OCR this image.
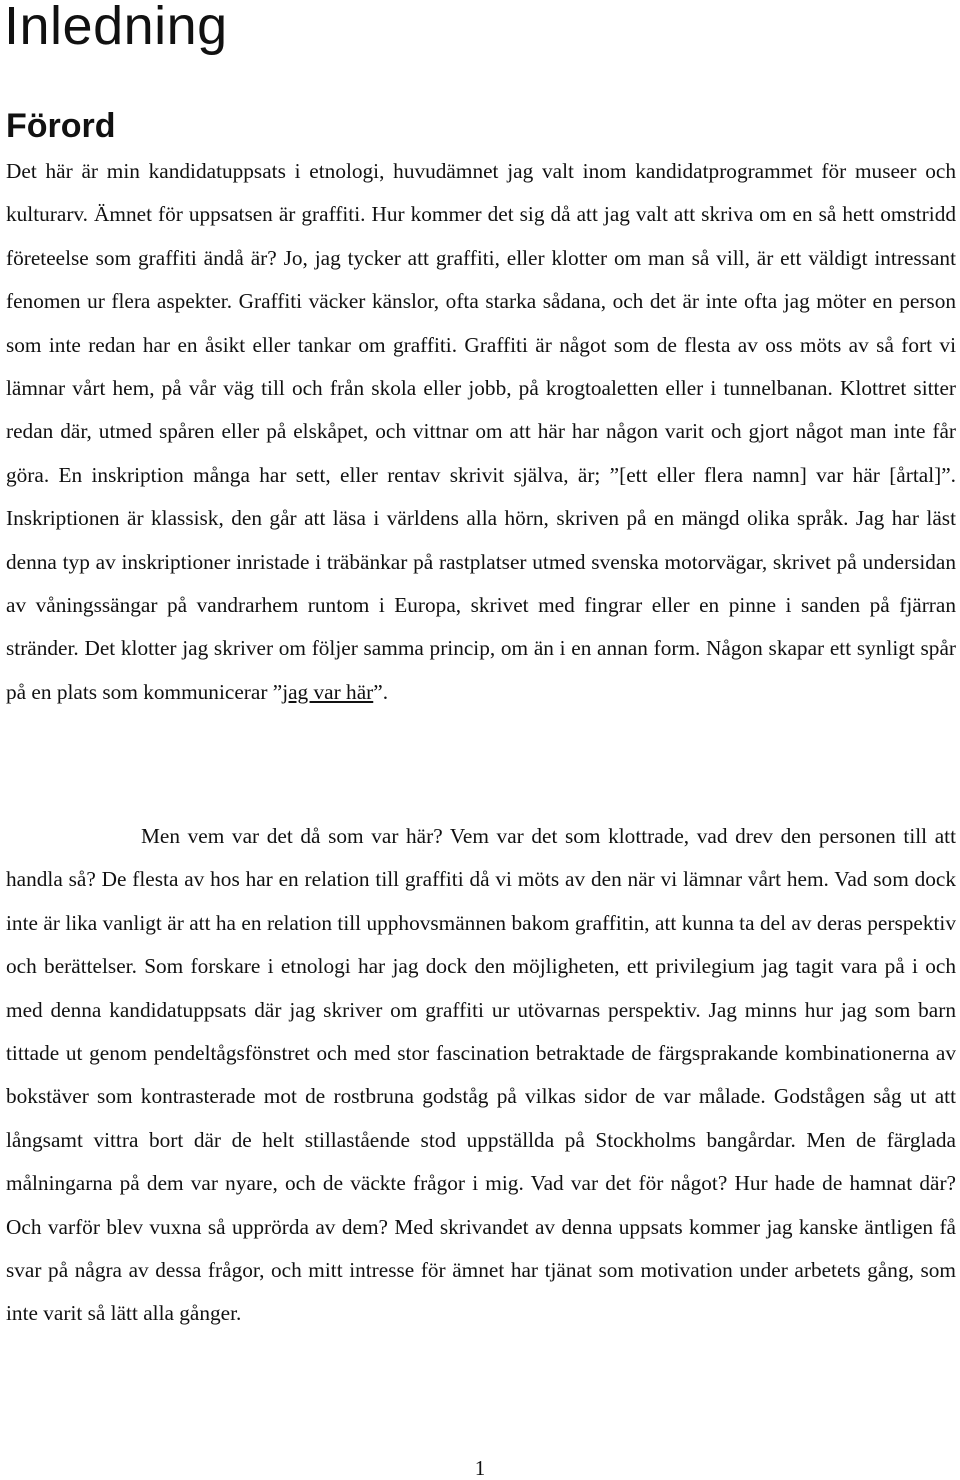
Inledning
Förord

Det här är min kandidatuppsats i etnologi, huvudämnet jag valt inom kandidatprogrammet för museer och kulturarv. Ämnet för uppsatsen är graffiti. Hur kommer det sig då att jag valt att skriva om en så hett omstridd företeelse som graffiti ändå är? Jo, jag tycker att graffiti, eller klotter om man så vill, är ett väldigt intressant fenomen ur flera aspekter. Graffiti väcker känslor, ofta starka sådana, och det är inte ofta jag möter en person som inte redan har en åsikt eller tankar om graffiti. Graffiti är något som de flesta av oss möts av så fort vi lämnar vårt hem, på vår väg till och från skola eller jobb, på krogtoaletten eller i tunnelbanan. Klottret sitter redan där, utmed spåren eller på elskåpet, och vittnar om att här har någon varit och gjort något man inte får göra. En inskription många har sett, eller rentav skrivit själva, är; ”[ett eller flera namn] var här [årtal]”. Inskriptionen är klassisk, den går att läsa i världens alla hörn, skriven på en mängd olika språk. Jag har läst denna typ av inskriptioner inristade i träbänkar på rastplatser utmed svenska motorvägar, skrivet på undersidan av våningssängar på vandrarhem runtom i Europa, skrivet med fingrar eller en pinne i sanden på fjärran stränder. Det klotter jag skriver om följer samma princip, om än i en annan form. Någon skapar ett synligt spår på en plats som kommunicerar ”jag var här”.

Men vem var det då som var här? Vem var det som klottrade, vad drev den personen till att handla så? De flesta av hos har en relation till graffiti då vi möts av den när vi lämnar vårt hem. Vad som dock inte är lika vanligt är att ha en relation till upphovsmännen bakom graffitin, att kunna ta del av deras perspektiv och berättelser. Som forskare i etnologi har jag dock den möjligheten, ett privilegium jag tagit vara på i och med denna kandidatuppsats där jag skriver om graffiti ur utövarnas perspektiv. Jag minns hur jag som barn tittade ut genom pendeltågsfönstret och med stor fascination betraktade de färgsprakande kombinationerna av bokstäver som kontrasterade mot de rostbruna godståg på vilkas sidor de var målade. Godstågen såg ut att långsamt vittra bort där de helt stillastående stod uppställda på Stockholms bangårdar. Men de färglada målningarna på dem var nyare, och de väckte frågor i mig. Vad var det för något? Hur hade de hamnat där? Och varför blev vuxna så upprörda av dem? Med skrivandet av denna uppsats kommer jag kanske äntligen få svar på några av dessa frågor, och mitt intresse för ämnet har tjänat som motivation under arbetets gång, som inte varit så lätt alla gånger.

1
